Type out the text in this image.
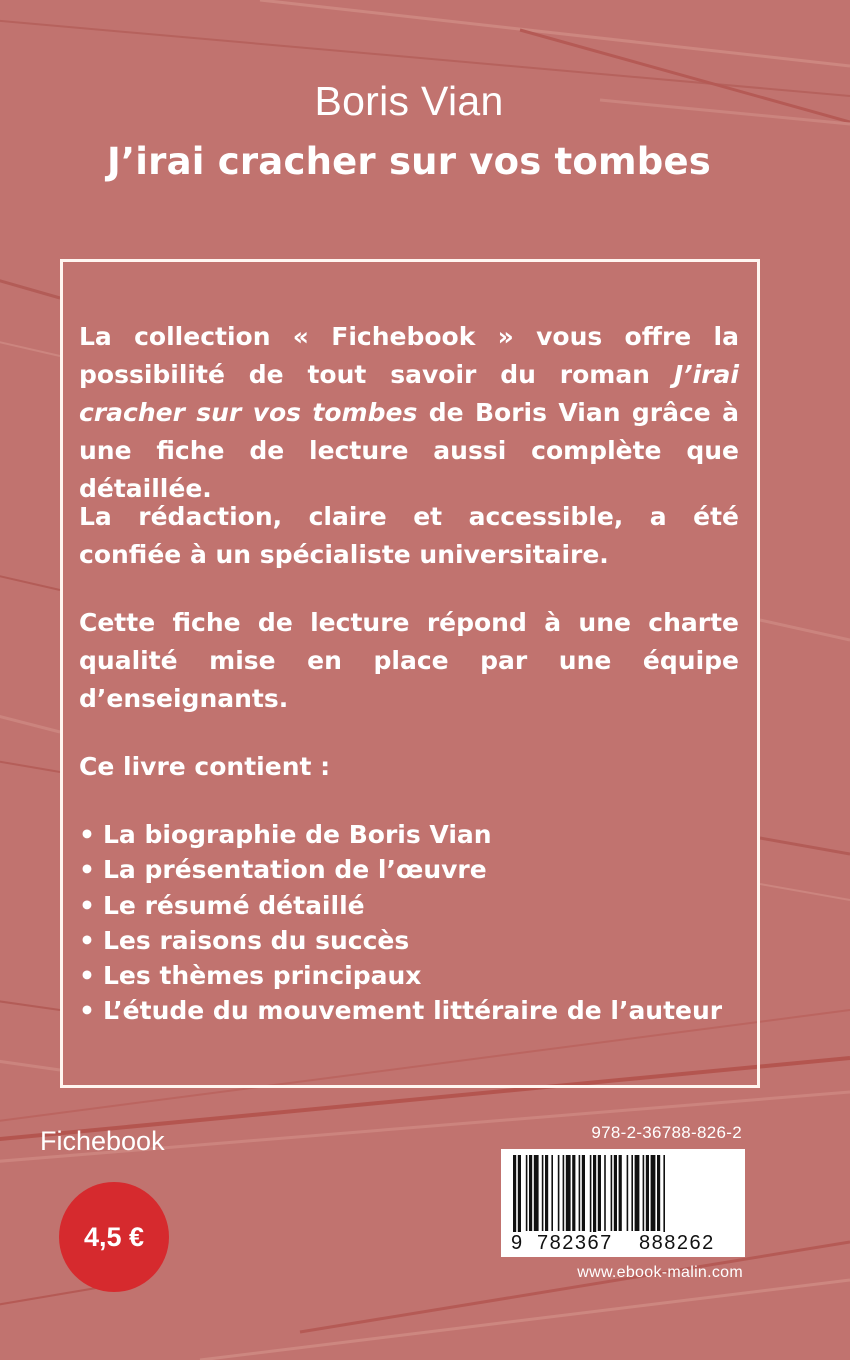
Boris Vian
J’irai cracher sur vos tombes

La collection « Fichebook » vous offre la possibilité de tout savoir du roman J’irai cracher sur vos tombes de Boris Vian grâce à une fiche de lecture aussi complète que détaillée.

La rédaction, claire et accessible, a été confiée à un spécialiste universitaire.

Cette fiche de lecture répond à une charte qualité mise en place par une équipe d’enseignants.

Ce livre contient :

• La biographie de Boris Vian
• La présentation de l’œuvre
• Le résumé détaillé
• Les raisons du succès
• Les thèmes principaux
• L’étude du mouvement littéraire de l’auteur
Fichebook
4,5 €
978-2-36788-826-2
9 782367 888262
www.ebook-malin.com
